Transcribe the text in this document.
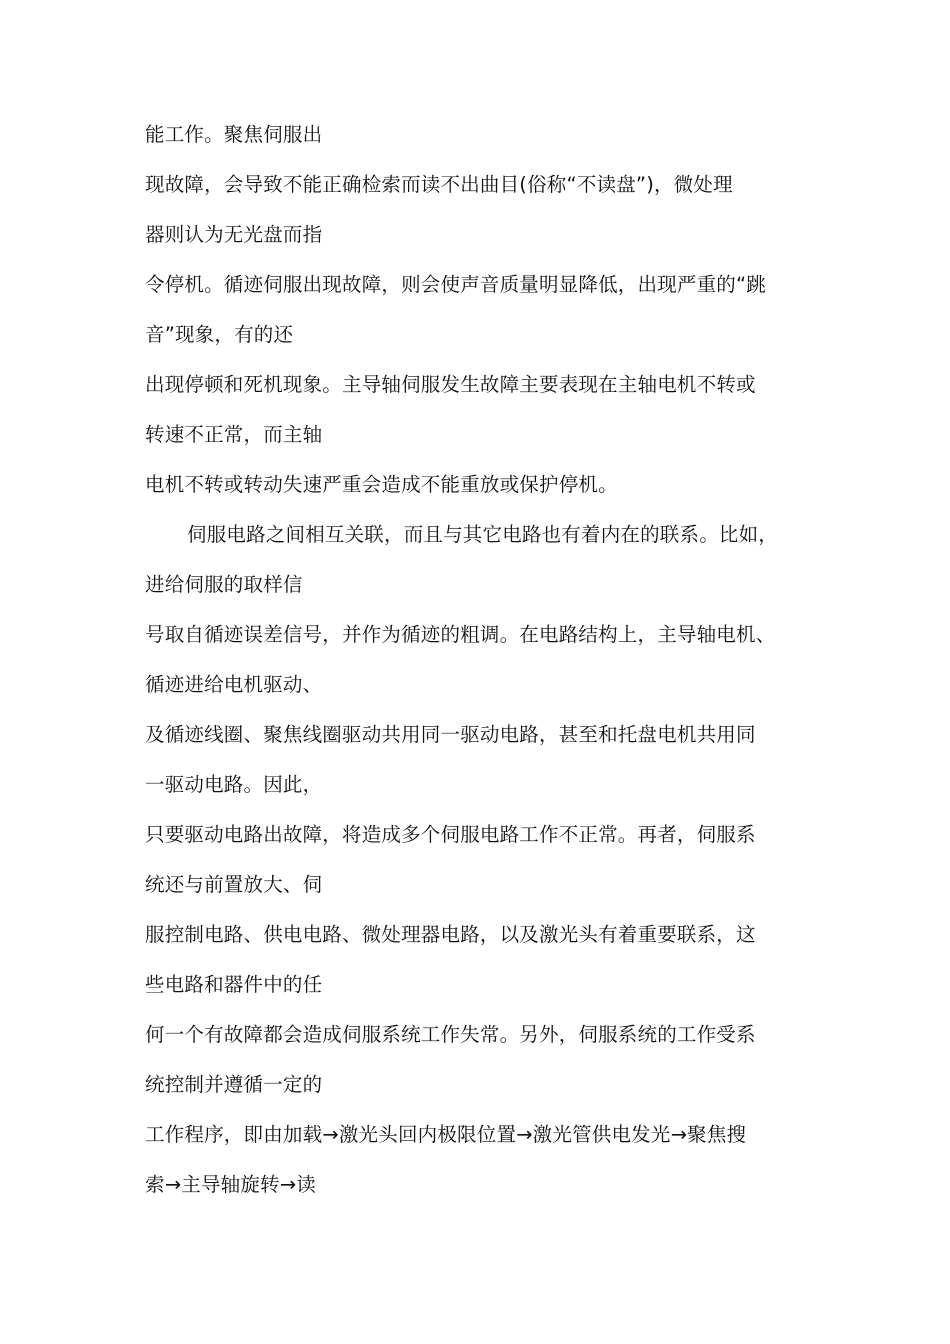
能工作。聚焦伺服出
现故障，会导致不能正确检索而读不出曲目(俗称“不读盘”)，微处理
器则认为无光盘而指
令停机。循迹伺服出现故障，则会使声音质量明显降低，出现严重的“跳
音”现象，有的还
出现停顿和死机现象。主导轴伺服发生故障主要表现在主轴电机不转或
转速不正常，而主轴
电机不转或转动失速严重会造成不能重放或保护停机。
伺服电路之间相互关联，而且与其它电路也有着内在的联系。比如，
进给伺服的取样信
号取自循迹误差信号，并作为循迹的粗调。在电路结构上，主导轴电机、
循迹进给电机驱动、
及循迹线圈、聚焦线圈驱动共用同一驱动电路，甚至和托盘电机共用同
一驱动电路。因此，
只要驱动电路出故障，将造成多个伺服电路工作不正常。再者，伺服系
统还与前置放大、伺
服控制电路、供电电路、微处理器电路，以及激光头有着重要联系，这
些电路和器件中的任
何一个有故障都会造成伺服系统工作失常。另外，伺服系统的工作受系
统控制并遵循一定的
工作程序，即由加载→激光头回内极限位置→激光管供电发光→聚焦搜
索→主导轴旋转→读
